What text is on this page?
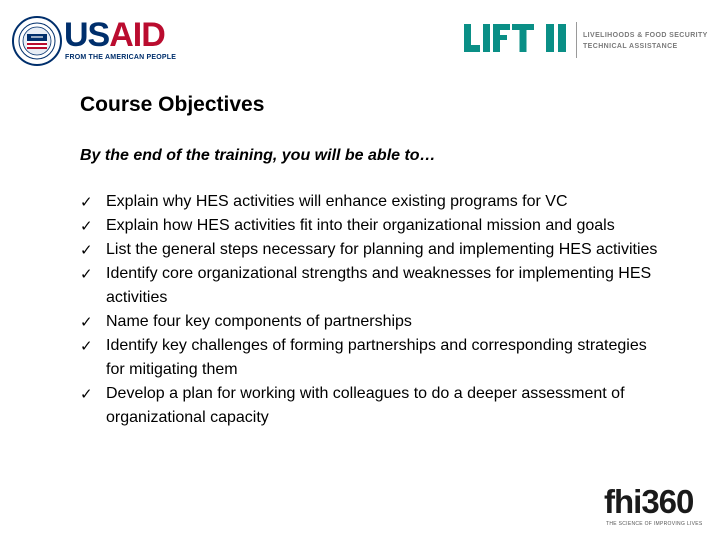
USAID
FROM THE AMERICAN PEOPLE
LIVELIHOODS & FOOD SECURITY
TECHNICAL ASSISTANCE
Course Objectives

By the end of the training, you will be able to…

✓ Explain why HES activities will enhance existing programs for VC
✓ Explain how HES activities fit into their organizational mission and goals
✓ List the general steps necessary for planning and implementing HES activities
✓ Identify core organizational strengths and weaknesses for implementing HES activities
✓ Name four key components of partnerships
✓ Identify key challenges of forming partnerships and corresponding strategies for mitigating them
✓ Develop a plan for working with colleagues to do a deeper assessment of organizational capacity
fhi360
THE SCIENCE OF IMPROVING LIVES
